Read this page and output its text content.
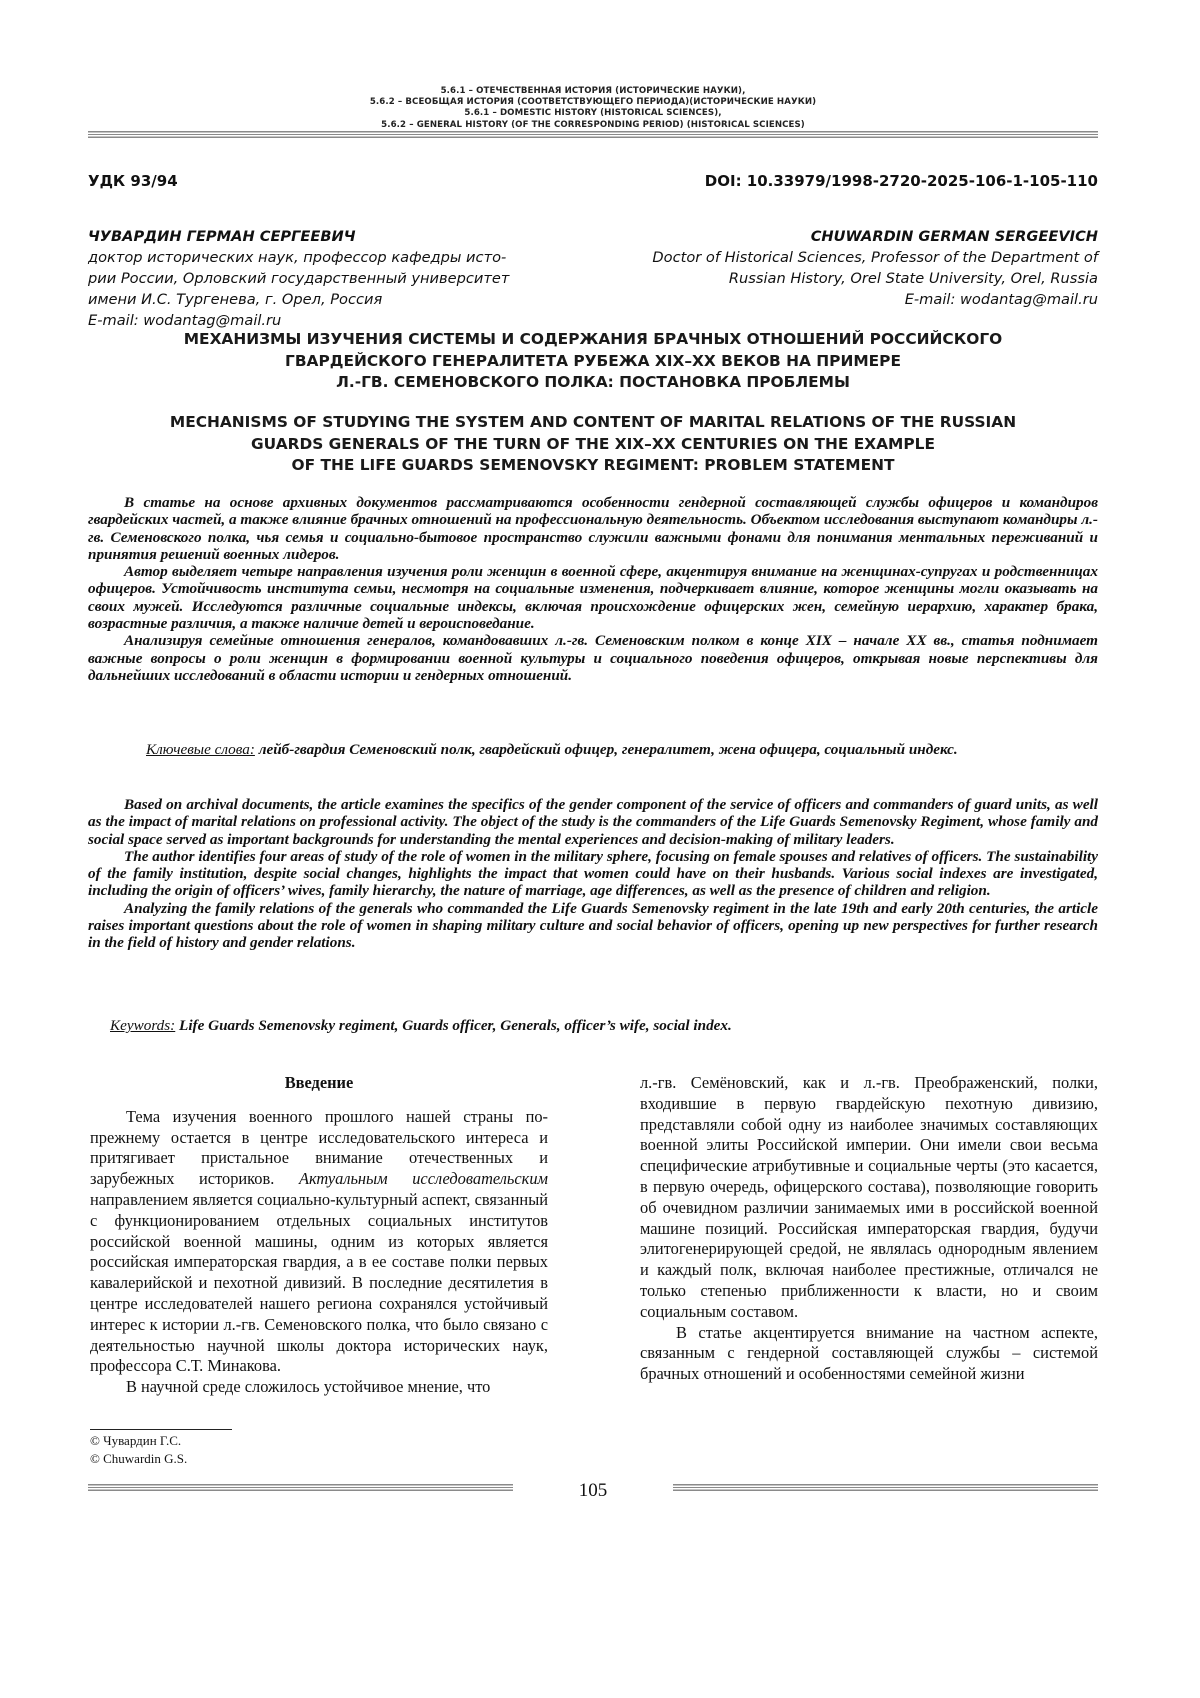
5.6.1 – ОТЕЧЕСТВЕННАЯ ИСТОРИЯ (ИСТОРИЧЕСКИЕ НАУКИ),
5.6.2 – ВСЕОБЩАЯ ИСТОРИЯ (СООТВЕТСТВУЮЩЕГО ПЕРИОДА)(ИСТОРИЧЕСКИЕ НАУКИ)
5.6.1 – DOMESTIC HISTORY (HISTORICAL SCIENCES),
5.6.2 – GENERAL HISTORY (OF THE CORRESPONDING PERIOD) (HISTORICAL SCIENCES)
УДК 93/94	DOI: 10.33979/1998-2720-2025-106-1-105-110
ЧУВАРДИН ГЕРМАН СЕРГЕЕВИЧ
доктор исторических наук, профессор кафедры исто-
рии России, Орловский государственный университет
имени И.С. Тургенева, г. Орел, Россия
E-mail: wodantag@mail.ru
CHUWARDIN GERMAN SERGEEVICH
Doctor of Historical Sciences, Professor of the Department of
Russian History, Orel State University, Orel, Russia
E-mail: wodantag@mail.ru
МЕХАНИЗМЫ ИЗУЧЕНИЯ СИСТЕМЫ И СОДЕРЖАНИЯ БРАЧНЫХ ОТНОШЕНИЙ РОССИЙСКОГО
ГВАРДЕЙСКОГО ГЕНЕРАЛИТЕТА РУБЕЖА XIX–XX ВЕКОВ НА ПРИМЕРЕ
Л.-ГВ. СЕМЕНОВСКОГО ПОЛКА: ПОСТАНОВКА ПРОБЛЕМЫ
MECHANISMS OF STUDYING THE SYSTEM AND CONTENT OF MARITAL RELATIONS OF THE RUSSIAN
GUARDS GENERALS OF THE TURN OF THE XIX–XX CENTURIES ON THE EXAMPLE
OF THE LIFE GUARDS SEMENOVSKY REGIMENT: PROBLEM STATEMENT

В статье на основе архивных документов рассматриваются особенности гендерной составляющей службы офицеров и командиров гвардейских частей, а также влияние брачных отношений на профессиональную деятельность. Объектом исследования выступают командиры л.-гв. Семеновского полка, чья семья и социально-бытовое пространство служили важными фонами для понимания ментальных переживаний и принятия решений военных лидеров.

Автор выделяет четыре направления изучения роли женщин в военной сфере, акцентируя внимание на женщинах-супругах и родственницах офицеров. Устойчивость института семьи, несмотря на социальные изменения, подчеркивает влияние, которое женщины могли оказывать на своих мужей. Исследуются различные социальные индексы, включая происхождение офицерских жен, семейную иерархию, характер брака, возрастные различия, а также наличие детей и вероисповедание.

Анализируя семейные отношения генералов, командовавших л.-гв. Семеновским полком в конце XIX – начале XX вв., статья поднимает важные вопросы о роли женщин в формировании военной культуры и социального поведения офицеров, открывая новые перспективы для дальнейших исследований в области истории и гендерных отношений.

Ключевые слова: лейб-гвардия Семеновский полк, гвардейский офицер, генералитет, жена офицера, социальный индекс.

Based on archival documents, the article examines the specifics of the gender component of the service of officers and commanders of guard units, as well as the impact of marital relations on professional activity. The object of the study is the commanders of the Life Guards Semenovsky Regiment, whose family and social space served as important backgrounds for understanding the mental experiences and decision-making of military leaders.

The author identifies four areas of study of the role of women in the military sphere, focusing on female spouses and relatives of officers. The sustainability of the family institution, despite social changes, highlights the impact that women could have on their husbands. Various social indexes are investigated, including the origin of officers’ wives, family hierarchy, the nature of marriage, age differences, as well as the presence of children and religion.

Analyzing the family relations of the generals who commanded the Life Guards Semenovsky regiment in the late 19th and early 20th centuries, the article raises important questions about the role of women in shaping military culture and social behavior of officers, opening up new perspectives for further research in the field of history and gender relations.

Keywords: Life Guards Semenovsky regiment, Guards officer, Generals, officer’s wife, social index.
Введение

Тема изучения военного прошлого нашей страны по-прежнему остается в центре исследовательского интереса и притягивает пристальное внимание отечественных и зарубежных историков. Актуальным исследовательским направлением является социально-культурный аспект, связанный с функционированием отдельных социальных институтов российской военной машины, одним из которых является российская императорская гвардия, а в ее составе полки первых кавалерийской и пехотной дивизий. В последние десятилетия в центре исследователей нашего региона сохранялся устойчивый интерес к истории л.-гв. Семеновского полка, что было связано с деятельностью научной школы доктора исторических наук, профессора С.Т. Минакова.

В научной среде сложилось устойчивое мнение, что

л.-гв. Семёновский, как и л.-гв. Преображенский, полки, входившие в первую гвардейскую пехотную дивизию, представляли собой одну из наиболее значимых составляющих военной элиты Российской империи. Они имели свои весьма специфические атрибутивные и социальные черты (это касается, в первую очередь, офицерского состава), позволяющие говорить об очевидном различии занимаемых ими в российской военной машине позиций. Российская императорская гвардия, будучи элитогенерирующей средой, не являлась однородным явлением и каждый полк, включая наиболее престижные, отличался не только степенью приближенности к власти, но и своим социальным составом.

В статье акцентируется внимание на частном аспекте, связанным с гендерной составляющей службы – системой брачных отношений и особенностями семейной жизни

© Чувардин Г.С.
© Chuwardin G.S.
105
